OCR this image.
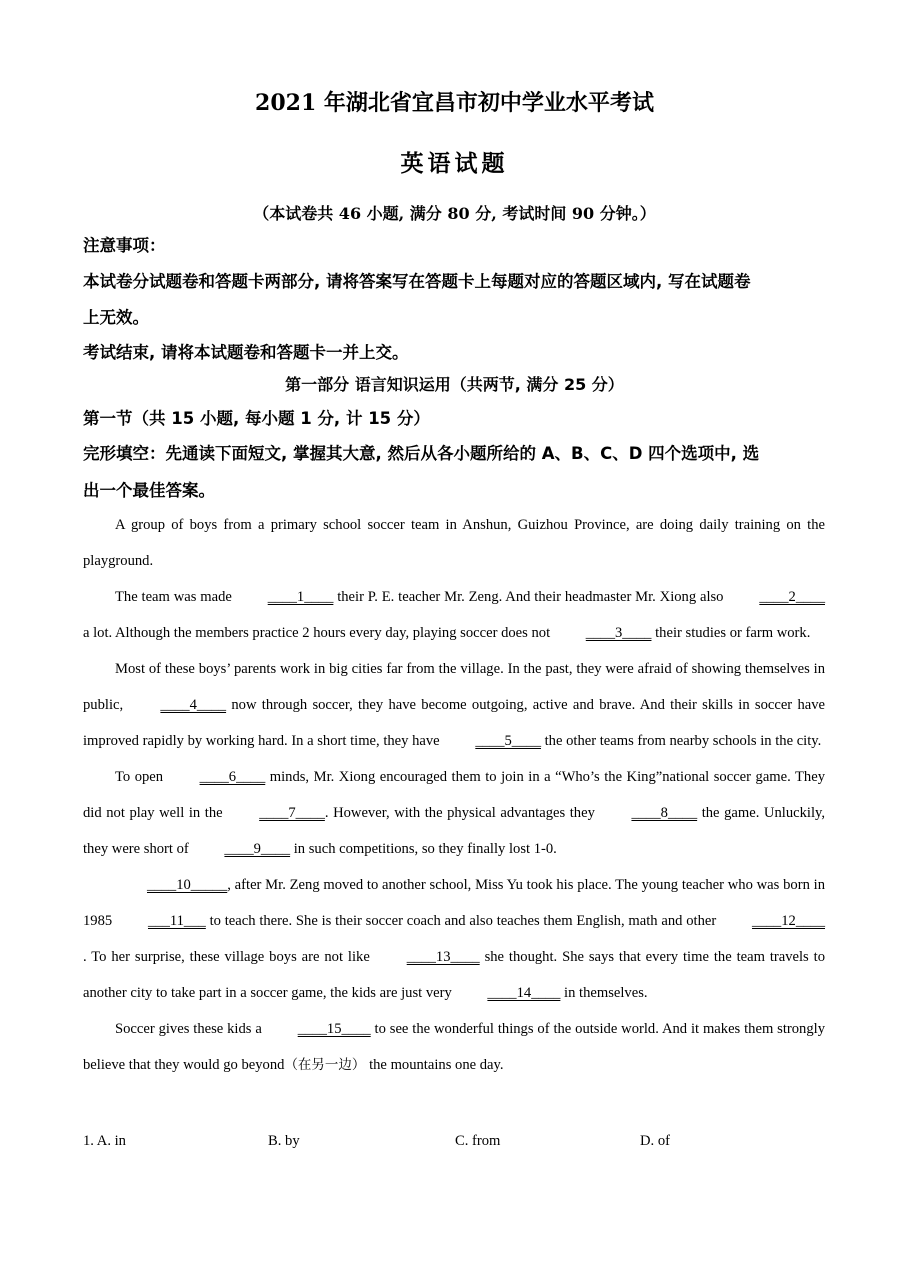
2021 年湖北省宜昌市初中学业水平考试
英语试题
（本试卷共 46 小题, 满分 80 分, 考试时间 90 分钟。）
注意事项：
本试卷分试题卷和答题卡两部分, 请将答案写在答题卡上每题对应的答题区域内, 写在试题卷
上无效。
考试结束, 请将本试题卷和答题卡一并上交。
第一部分 语言知识运用（共两节, 满分 25 分）
第一节（共 15 小题, 每小题 1 分, 计 15 分）
完形填空：先通读下面短文, 掌握其大意, 然后从各小题所给的 A、B、C、D 四个选项中, 选
出一个最佳答案。

A group of boys from a primary school soccer team in Anshun, Guizhou Province, are doing daily training on the playground.

The team was made ____1____ their P. E. teacher Mr. Zeng. And their headmaster Mr. Xiong also ____2____ a lot. Although the members practice 2 hours every day, playing soccer does not ____3____ their studies or farm work.

Most of these boys’ parents work in big cities far from the village. In the past, they were afraid of showing themselves in public, ____4____ now through soccer, they have become outgoing, active and brave. And their skills in soccer have improved rapidly by working hard. In a short time, they have ____5____ the other teams from nearby schools in the city.

To open ____6____ minds, Mr. Xiong encouraged them to join in a “Who’s the King”national soccer game. They did not play well in the ____7____. However, with the physical advantages they ____8____ the game. Unluckily, they were short of ____9____ in such competitions, so they finally lost 1-0.

____10_____, after Mr. Zeng moved to another school, Miss Yu took his place. The young teacher who was born in 1985 ___11___ to teach there. She is their soccer coach and also teaches them English, math and other ____12____. To her surprise, these village boys are not like ____13____ she thought. She says that every time the team travels to another city to take part in a soccer game, the kids are just very ____14____ in themselves.

Soccer gives these kids a ____15____ to see the wonderful things of the outside world. And it makes them strongly believe that they would go beyond（在另一边） the mountains one day.

1. A. in	B. by	C. from	D. of
